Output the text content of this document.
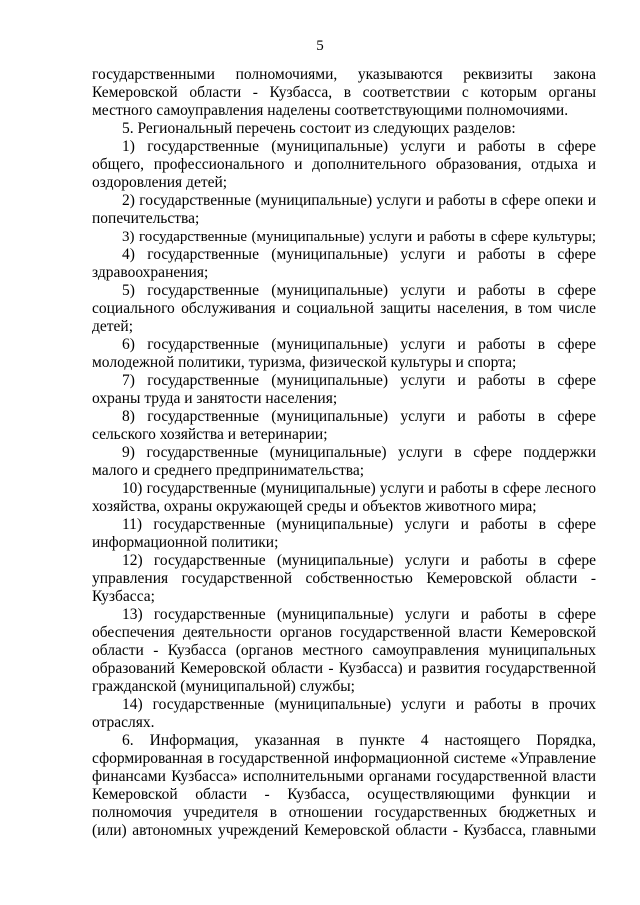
5
государственными полномочиями, указываются реквизиты закона
Кемеровской области - Кузбасса, в соответствии с которым органы
местного самоуправления наделены соответствующими полномочиями.
5. Региональный перечень состоит из следующих разделов:
1) государственные (муниципальные) услуги и работы в сфере
общего, профессионального и дополнительного образования, отдыха и
оздоровления детей;
2) государственные (муниципальные) услуги и работы в сфере опеки и
попечительства;
3) государственные (муниципальные) услуги и работы в сфере культуры;
4) государственные (муниципальные) услуги и работы в сфере
здравоохранения;
5) государственные (муниципальные) услуги и работы в сфере
социального обслуживания и социальной защиты населения, в том числе
детей;
6) государственные (муниципальные) услуги и работы в сфере
молодежной политики, туризма, физической культуры и спорта;
7) государственные (муниципальные) услуги и работы в сфере
охраны труда и занятости населения;
8) государственные (муниципальные) услуги и работы в сфере
сельского хозяйства и ветеринарии;
9) государственные (муниципальные) услуги в сфере поддержки
малого и среднего предпринимательства;
10) государственные (муниципальные) услуги и работы в сфере лесного
хозяйства, охраны окружающей среды и объектов животного мира;
11) государственные (муниципальные) услуги и работы в сфере
информационной политики;
12) государственные (муниципальные) услуги и работы в сфере
управления государственной собственностью Кемеровской области -
Кузбасса;
13) государственные (муниципальные) услуги и работы в сфере
обеспечения деятельности органов государственной власти Кемеровской
области - Кузбасса (органов местного самоуправления муниципальных
образований Кемеровской области - Кузбасса) и развития государственной
гражданской (муниципальной) службы;
14) государственные (муниципальные) услуги и работы в прочих
отраслях.
6. Информация, указанная в пункте 4 настоящего Порядка,
сформированная в государственной информационной системе «Управление
финансами Кузбасса» исполнительными органами государственной власти
Кемеровской области - Кузбасса, осуществляющими функции и
полномочия учредителя в отношении государственных бюджетных и
(или) автономных учреждений Кемеровской области - Кузбасса, главными
